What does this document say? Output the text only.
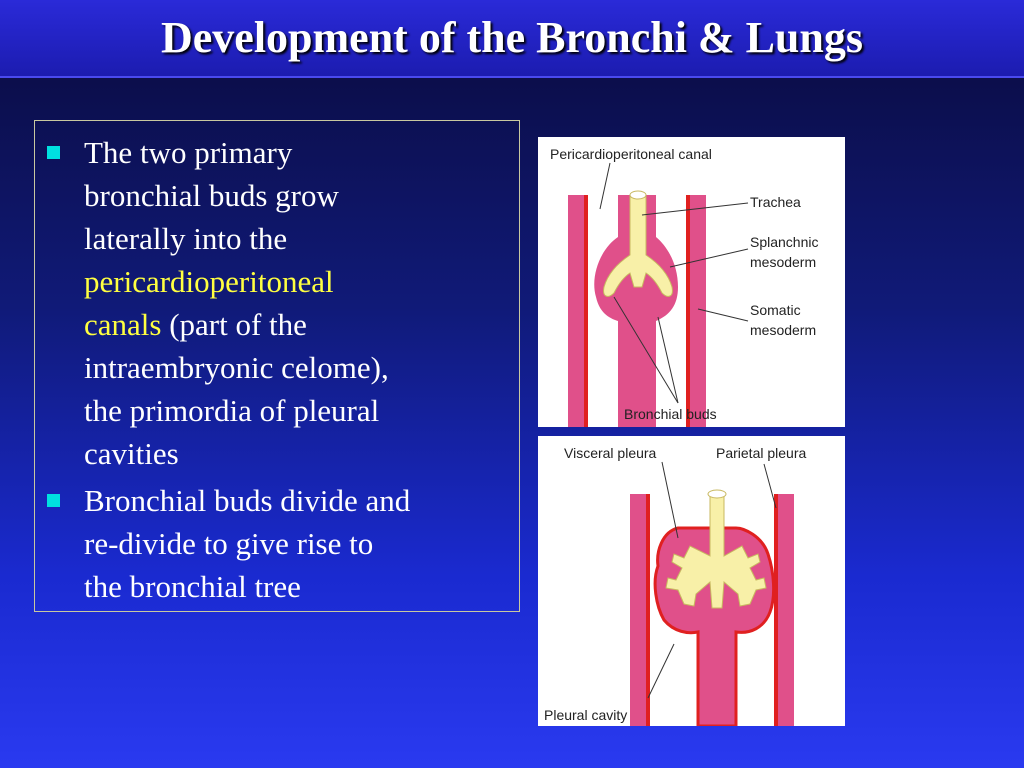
Development of the Bronchi & Lungs
The two primary
bronchial buds grow
laterally into the
pericardioperitoneal
canals (part of the
intraembryonic celome),
the primordia of pleural
cavities
Bronchial buds divide and
re-divide to give rise to
the bronchial tree
Pericardioperitoneal canal
Trachea
Splanchnic
mesoderm
Somatic
mesoderm
Bronchial buds
Visceral pleura	Parietal pleura
Pleural cavity
